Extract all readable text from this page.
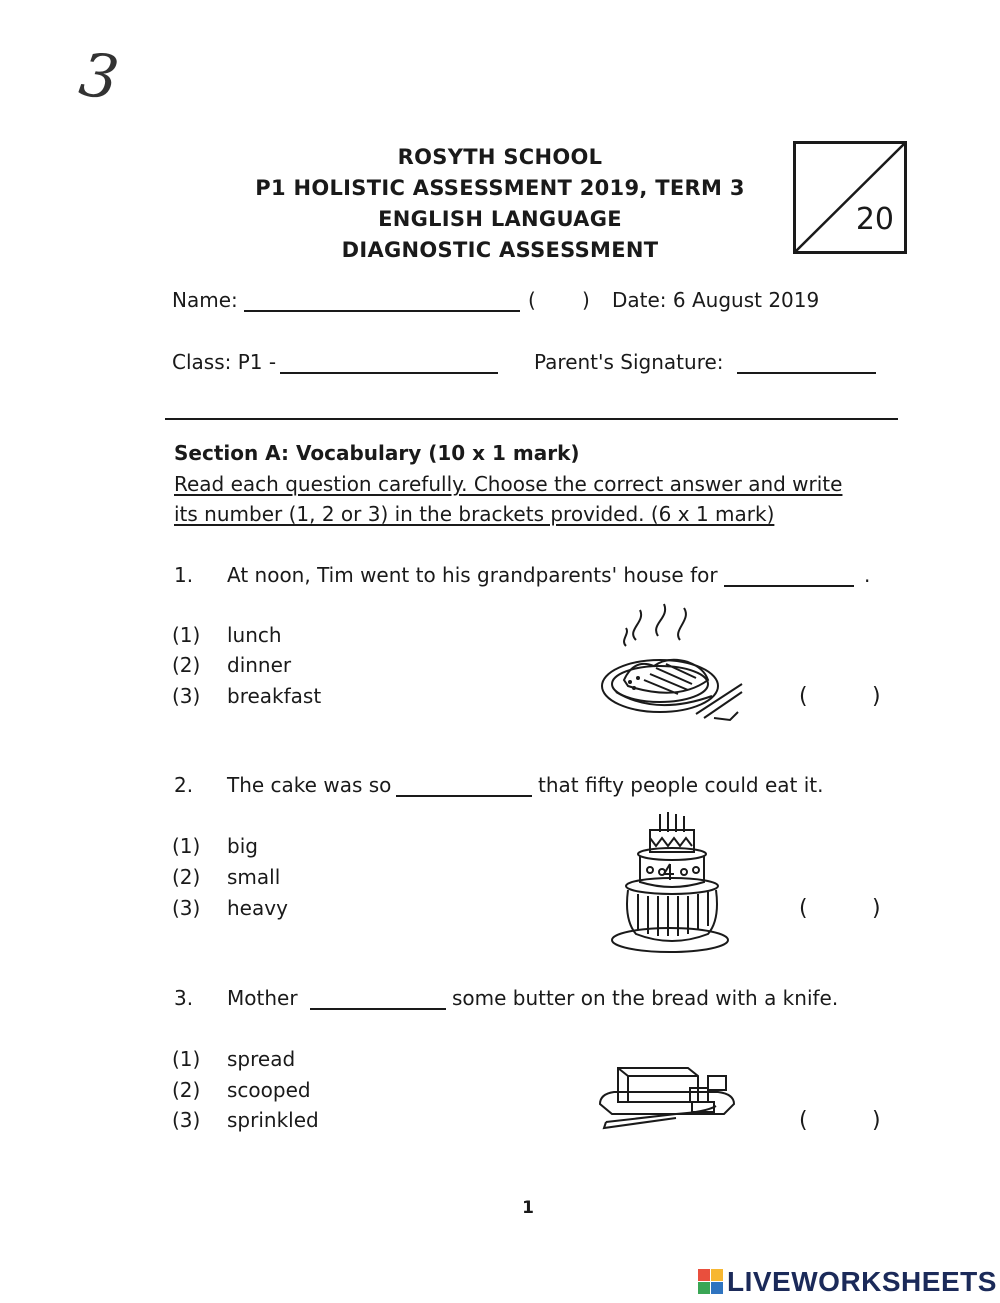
3
ROSYTH SCHOOL
P1 HOLISTIC ASSESSMENT 2019, TERM 3
ENGLISH LANGUAGE
DIAGNOSTIC ASSESSMENT
20
Name:	( ) Date: 6 August 2019
Class: P1 -	Parent's Signature:
Section A: Vocabulary (10 x 1 mark)
Read each question carefully. Choose the correct answer and write
its number (1, 2 or 3) in the brackets provided. (6 x 1 mark)
1. At noon, Tim went to his grandparents' house for	.
(1) lunch
(2) dinner
(3) breakfast	(	)
2. The cake was so	that fifty people could eat it.
(1) big
(2) small
(3) heavy	(	)
3. Mother	some butter on the bread with a knife.
(1) spread
(2) scooped
(3) sprinkled	(	)
1
LIVEWORKSHEETS
